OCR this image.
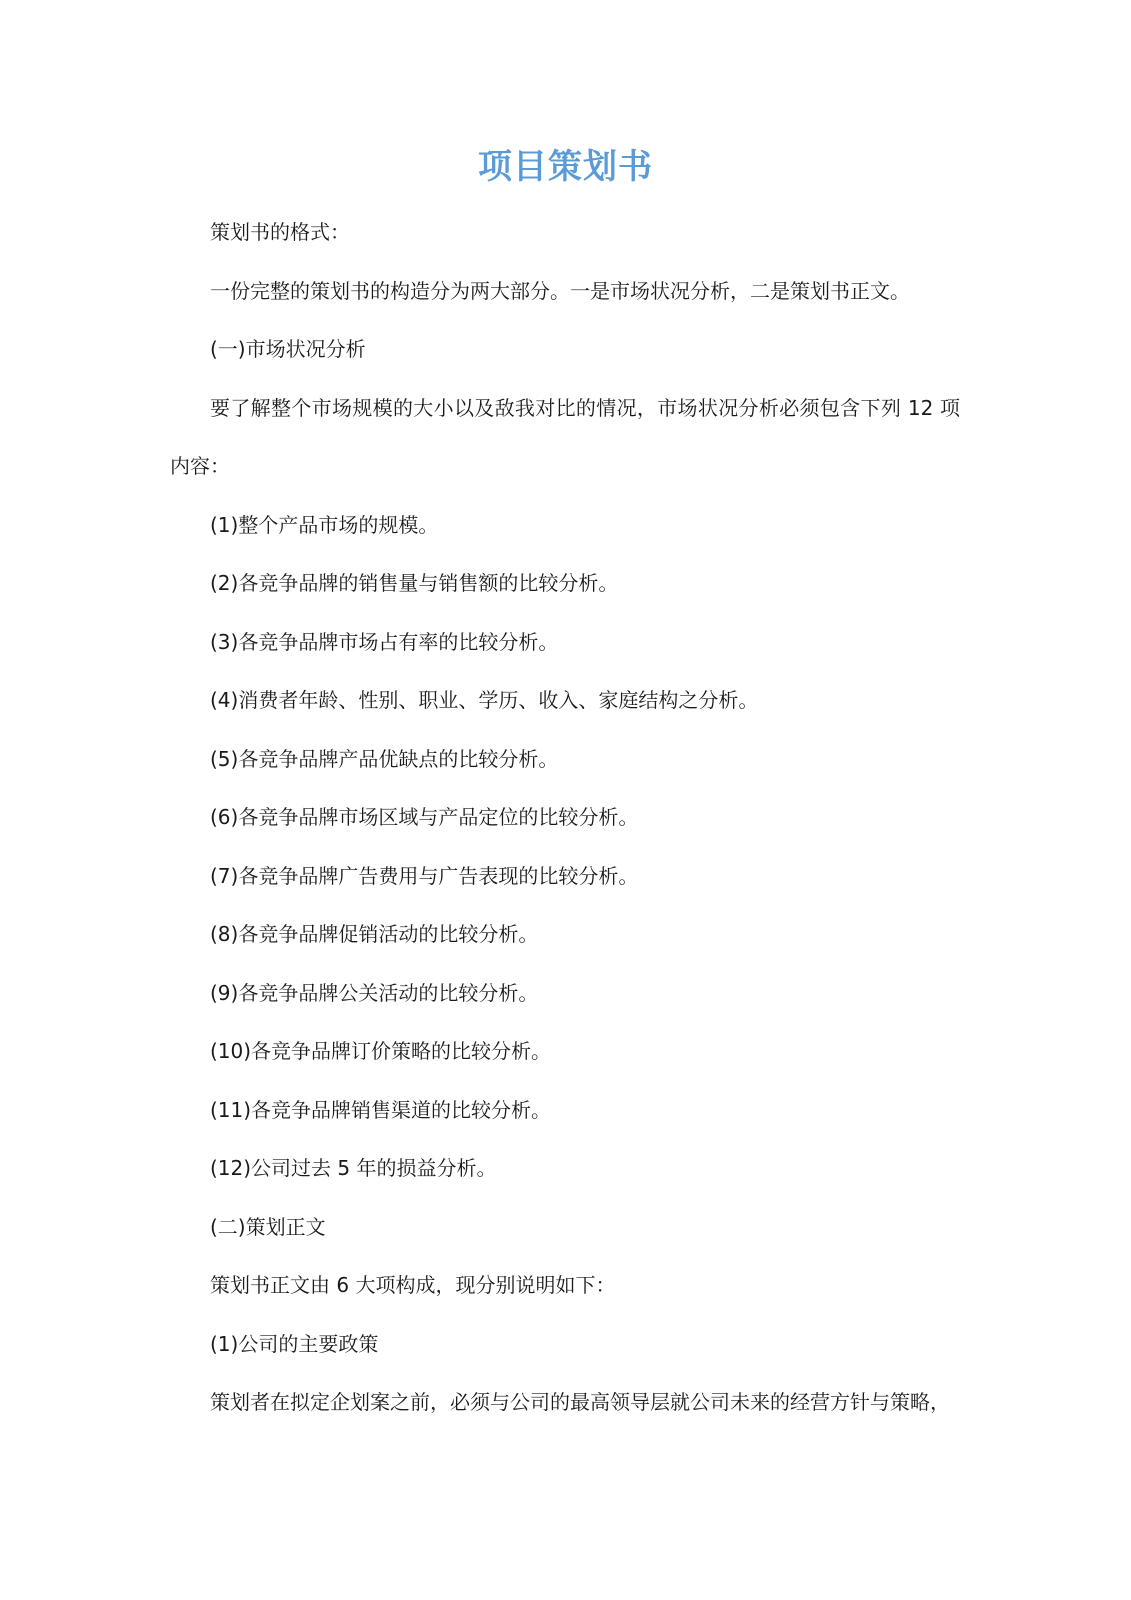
项目策划书

策划书的格式：

一份完整的策划书的构造分为两大部分。一是市场状况分析，二是策划书正文。

(一)市场状况分析

要了解整个市场规模的大小以及敌我对比的情况，市场状况分析必须包含下列 12 项内容：

(1)整个产品市场的规模。

(2)各竞争品牌的销售量与销售额的比较分析。

(3)各竞争品牌市场占有率的比较分析。

(4)消费者年龄、性别、职业、学历、收入、家庭结构之分析。

(5)各竞争品牌产品优缺点的比较分析。

(6)各竞争品牌市场区域与产品定位的比较分析。

(7)各竞争品牌广告费用与广告表现的比较分析。

(8)各竞争品牌促销活动的比较分析。

(9)各竞争品牌公关活动的比较分析。

(10)各竞争品牌订价策略的比较分析。

(11)各竞争品牌销售渠道的比较分析。

(12)公司过去 5 年的损益分析。

(二)策划正文

策划书正文由 6 大项构成，现分别说明如下：

(1)公司的主要政策

策划者在拟定企划案之前，必须与公司的最高领导层就公司未来的经营方针与策略，
